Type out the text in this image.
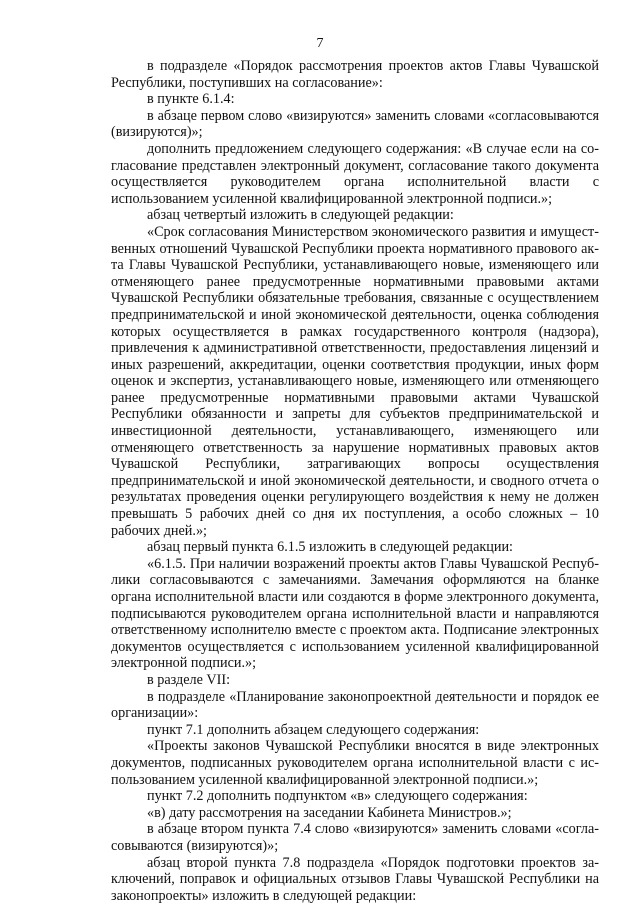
7

в подразделе «Порядок рассмотрения проектов актов Главы Чувашской Республики, поступивших на согласование»:

в пункте 6.1.4:

в абзаце первом слово «визируются» заменить словами «согласовываются (визируются)»;

дополнить предложением следующего содержания: «В случае если на согласование представлен электронный документ, согласование такого документа осуществляется руководителем органа исполнительной власти с использованием усиленной квалифицированной электронной подписи.»;

абзац четвертый изложить в следующей редакции:

«Срок согласования Министерством экономического развития и имущественных отношений Чувашской Республики проекта нормативного правового акта Главы Чувашской Республики, устанавливающего новые, изменяющего или отменяющего ранее предусмотренные нормативными правовыми актами Чувашской Республики обязательные требования, связанные с осуществлением предпринимательской и иной экономической деятельности, оценка соблюдения которых осуществляется в рамках государственного контроля (надзора), привлечения к административной ответственности, предоставления лицензий и иных разрешений, аккредитации, оценки соответствия продукции, иных форм оценок и экспертиз, устанавливающего новые, изменяющего или отменяющего ранее предусмотренные нормативными правовыми актами Чувашской Республики обязанности и запреты для субъектов предпринимательской и инвестиционной деятельности, устанавливающего, изменяющего или отменяющего ответственность за нарушение нормативных правовых актов Чувашской Республики, затрагивающих вопросы осуществления предпринимательской и иной экономической деятельности, и сводного отчета о результатах проведения оценки регулирующего воздействия к нему не должен превышать 5 рабочих дней со дня их поступления, а особо сложных – 10 рабочих дней.»;

абзац первый пункта 6.1.5 изложить в следующей редакции:

«6.1.5. При наличии возражений проекты актов Главы Чувашской Республики согласовываются с замечаниями. Замечания оформляются на бланке органа исполнительной власти или создаются в форме электронного документа, подписываются руководителем органа исполнительной власти и направляются ответственному исполнителю вместе с проектом акта. Подписание электронных документов осуществляется с использованием усиленной квалифицированной электронной подписи.»;

в разделе VII:

в подразделе «Планирование законопроектной деятельности и порядок ее организации»:

пункт 7.1 дополнить абзацем следующего содержания:

«Проекты законов Чувашской Республики вносятся в виде электронных документов, подписанных руководителем органа исполнительной власти с использованием усиленной квалифицированной электронной подписи.»;

пункт 7.2 дополнить подпунктом «в» следующего содержания:

«в) дату рассмотрения на заседании Кабинета Министров.»;

в абзаце втором пункта 7.4 слово «визируются» заменить словами «согласовываются (визируются)»;

абзац второй пункта 7.8 подраздела «Порядок подготовки проектов заключений, поправок и официальных отзывов Главы Чувашской Республики на законопроекты» изложить в следующей редакции:
